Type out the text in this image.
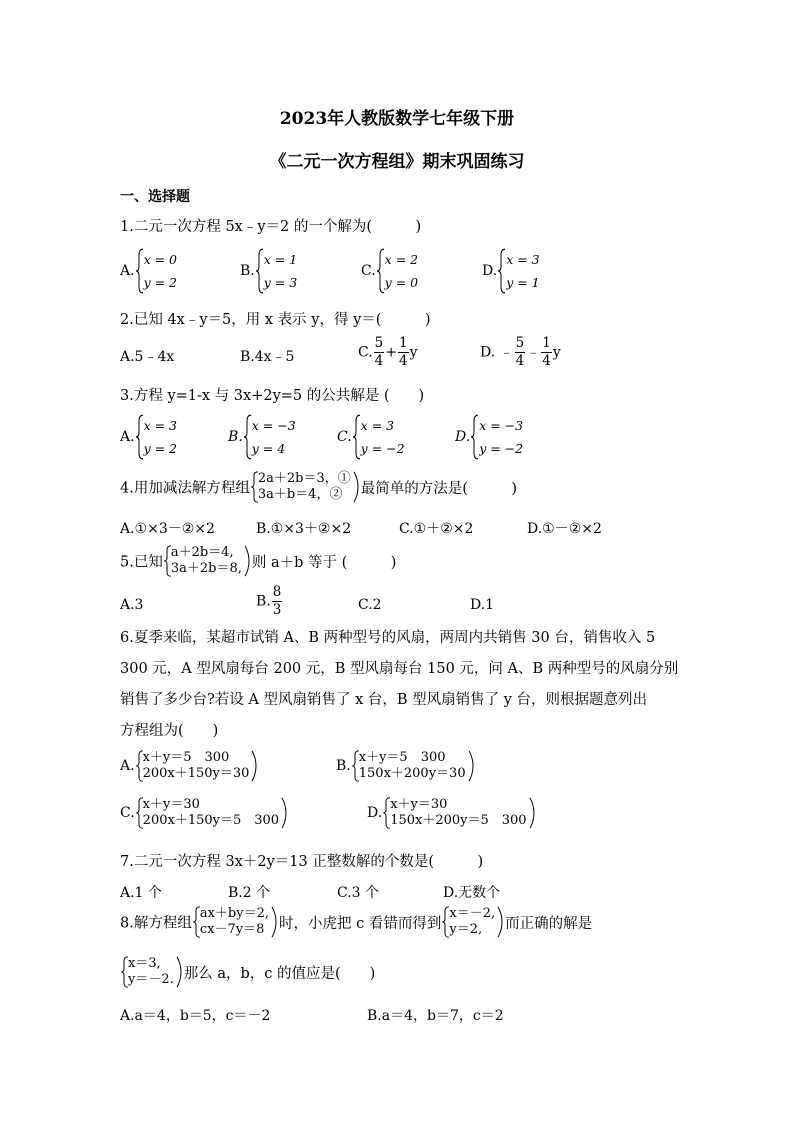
2023年人教版数学七年级下册
《二元一次方程组》期末巩固练习
一、选择题
1.二元一次方程 5x﹣y＝2 的一个解为(　　　)
A.
x = 0
y = 2
B.
x = 1
y = 3
C.
x = 2
y = 0
D.
x = 3
y = 1
2.已知 4x﹣y＝5，用 x 表示 y，得 y＝(　　　)
A.5﹣4x	B.4x﹣5	C. $\frac{5}{4} + \frac{1}{4}$ y	D. ﹣ $\frac{5}{4}$ ﹣ $\frac{1}{4}$ y
3.方程 y=1-x 与 3x+2y=5 的公共解是 (　　)
A.
x = 3
y = 2
B.
x = −3
y = 4
C.
x = 3
y = −2
D.
x = −3
y = −2
4.用加减法解方程组
2a＋2b＝3，①
3a＋b＝4，②	最简单的方法是(　　　)
A.①×3－②×2	B.①×3＋②×2	C.①＋②×2	D.①－②×2
5.已知
a＋2b＝4,
3a＋2b＝8, 则 a＋b 等于 (　　　)
A.3	B. $\frac{8}{3}$	C.2	D.1
6.夏季来临，某超市试销 A、B 两种型号的风扇，两周内共销售 30 台，销售收入 5
300 元，A 型风扇每台 200 元，B 型风扇每台 150 元，问 A、B 两种型号的风扇分别
销售了多少台?若设 A 型风扇销售了 x 台，B 型风扇销售了 y 台，则根据题意列出
方程组为(　　)
A.
x＋y＝5　300
200x＋150y＝30	B.
x＋y＝5　300
150x＋200y＝30
C.
x＋y＝30
200x＋150y＝5　300	D.
x＋y＝30
150x＋200y＝5　300
7.二元一次方程 3x＋2y＝13 正整数解的个数是(　　　)
A.1 个	B.2 个	C.3 个	D.无数个
8.解方程组
ax＋by＝2,
cx－7y＝8	时，小虎把 c 看错而得到
x＝－2,
y＝2,	而正确的解是
x＝3,
y＝－2. 那么 a，b，c 的值应是(　　)
A.a＝4，b＝5，c＝－2	B.a＝4，b＝7，c＝2
